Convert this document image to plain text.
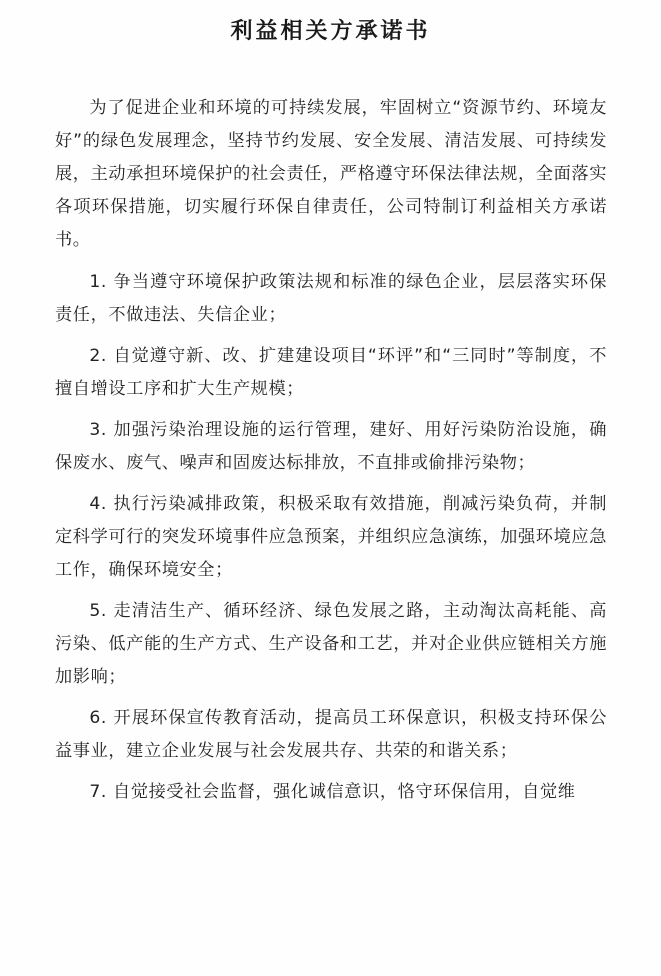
利益相关方承诺书

为了促进企业和环境的可持续发展，牢固树立“资源节约、环境友好”的绿色发展理念，坚持节约发展、安全发展、清洁发展、可持续发展，主动承担环境保护的社会责任，严格遵守环保法律法规，全面落实各项环保措施，切实履行环保自律责任，公司特制订利益相关方承诺书。

1. 争当遵守环境保护政策法规和标准的绿色企业，层层落实环保责任，不做违法、失信企业；

2. 自觉遵守新、改、扩建建设项目“环评”和“三同时”等制度，不擅自增设工序和扩大生产规模；

3. 加强污染治理设施的运行管理，建好、用好污染防治设施，确保废水、废气、噪声和固废达标排放，不直排或偷排污染物；

4. 执行污染减排政策，积极采取有效措施，削减污染负荷，并制定科学可行的突发环境事件应急预案，并组织应急演练，加强环境应急工作，确保环境安全；

5. 走清洁生产、循环经济、绿色发展之路，主动淘汰高耗能、高污染、低产能的生产方式、生产设备和工艺，并对企业供应链相关方施加影响；

6. 开展环保宣传教育活动，提高员工环保意识，积极支持环保公益事业，建立企业发展与社会发展共存、共荣的和谐关系；

7. 自觉接受社会监督，强化诚信意识，恪守环保信用，自觉维
